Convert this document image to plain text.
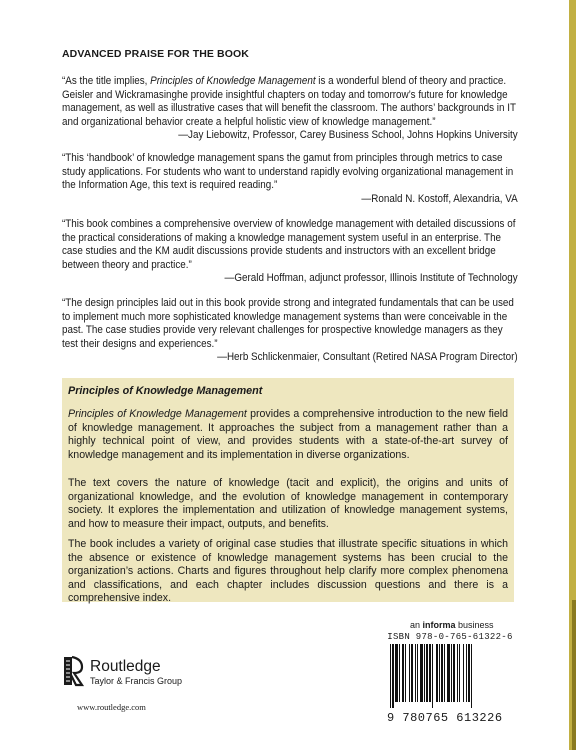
ADVANCED PRAISE FOR THE BOOK
“As the title implies, Principles of Knowledge Management is a wonderful blend of theory and practice. Geisler and Wickramasinghe provide insightful chapters on today and tomorrow’s future for knowledge management, as well as illustrative cases that will benefit the classroom. The authors’ backgrounds in IT and organizational behavior create a helpful holistic view of knowledge management.”
—Jay Liebowitz, Professor, Carey Business School, Johns Hopkins University
“This ‘handbook’ of knowledge management spans the gamut from principles through metrics to case study applications. For students who want to understand rapidly evolving organizational management in the Information Age, this text is required reading.”
—Ronald N. Kostoff, Alexandria, VA
“This book combines a comprehensive overview of knowledge management with detailed discussions of the practical considerations of making a knowledge management system useful in an enterprise. The case studies and the KM audit discussions provide students and instructors with an excellent bridge between theory and practice.”
—Gerald Hoffman, adjunct professor, Illinois Institute of Technology
“The design principles laid out in this book provide strong and integrated fundamentals that can be used to implement much more sophisticated knowledge management systems than were conceivable in the past. The case studies provide very relevant challenges for prospective knowledge managers as they test their designs and experiences.”
—Herb Schlickenmaier, Consultant (Retired NASA Program Director)
Principles of Knowledge Management
Principles of Knowledge Management provides a comprehensive introduction to the new field of knowledge management. It approaches the subject from a management rather than a highly technical point of view, and provides students with a state-of-the-art survey of knowledge management and its implementation in diverse organizations.
The text covers the nature of knowledge (tacit and explicit), the origins and units of organizational knowledge, and the evolution of knowledge management in contemporary society. It explores the implementation and utilization of knowledge management systems, and how to measure their impact, outputs, and benefits.
The book includes a variety of original case studies that illustrate specific situations in which the absence or existence of knowledge management systems has been crucial to the organization’s actions. Charts and figures throughout help clarify more complex phenomena and classifications, and each chapter includes discussion questions and there is a comprehensive index.
an informa business
ISBN 978-0-765-61322-6
9 780765 613226
Routledge
Taylor & Francis Group
www.routledge.com
